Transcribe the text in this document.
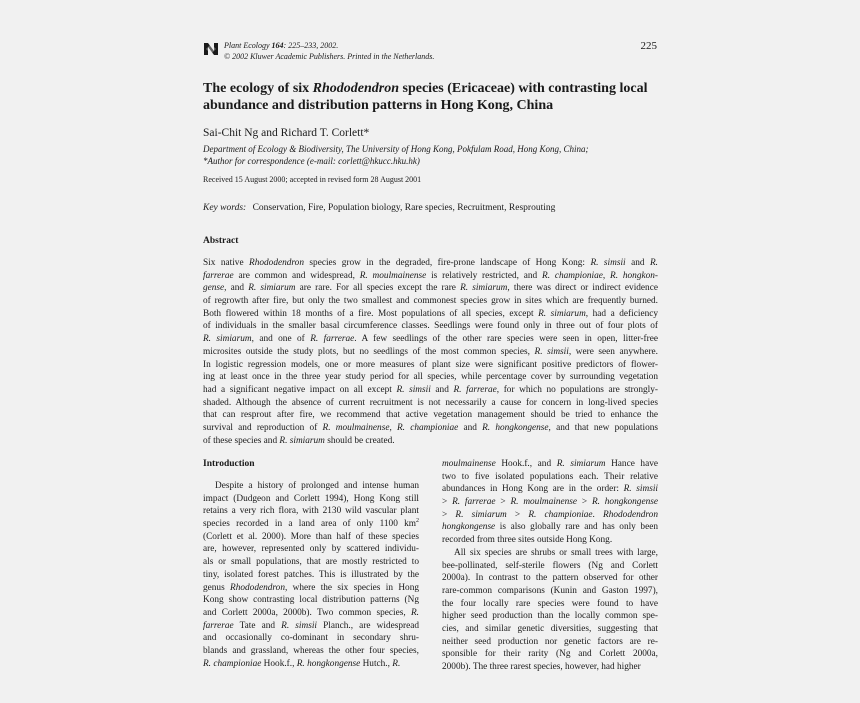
Plant Ecology 164: 225–233, 2002.
© 2002 Kluwer Academic Publishers. Printed in the Netherlands.
225
The ecology of six Rhododendron species (Ericaceae) with contrasting local abundance and distribution patterns in Hong Kong, China
Sai-Chit Ng and Richard T. Corlett*
Department of Ecology & Biodiversity, The University of Hong Kong, Pokfulam Road, Hong Kong, China;
*Author for correspondence (e-mail: corlett@hkucc.hku.hk)
Received 15 August 2000; accepted in revised form 28 August 2001
Key words: Conservation, Fire, Population biology, Rare species, Recruitment, Resprouting
Abstract
Six native Rhododendron species grow in the degraded, fire-prone landscape of Hong Kong: R. simsii and R.
farrerae are common and widespread, R. moulmainense is relatively restricted, and R. championiae, R. hongkon-
gense, and R. simiarum are rare. For all species except the rare R. simiarum, there was direct or indirect evidence
of regrowth after fire, but only the two smallest and commonest species grow in sites which are frequently burned.
Both flowered within 18 months of a fire. Most populations of all species, except R. simiarum, had a deficiency
of individuals in the smaller basal circumference classes. Seedlings were found only in three out of four plots of
R. simiarum, and one of R. farrerae. A few seedlings of the other rare species were seen in open, litter-free
microsites outside the study plots, but no seedlings of the most common species, R. simsii, were seen anywhere.
In logistic regression models, one or more measures of plant size were significant positive predictors of flower-
ing at least once in the three year study period for all species, while percentage cover by surrounding vegetation
had a significant negative impact on all except R. simsii and R. farrerae, for which no populations are strongly-
shaded. Although the absence of current recruitment is not necessarily a cause for concern in long-lived species
that can resprout after fire, we recommend that active vegetation management should be tried to enhance the
survival and reproduction of R. moulmainense, R. championiae and R. hongkongense, and that new populations
of these species and R. simiarum should be created.
Introduction
Despite a history of prolonged and intense human
impact (Dudgeon and Corlett 1994), Hong Kong still
retains a very rich flora, with 2130 wild vascular plant
species recorded in a land area of only 1100 $km^2$
(Corlett et al. 2000). More than half of these species
are, however, represented only by scattered individu-
als or small populations, that are mostly restricted to
tiny, isolated forest patches. This is illustrated by the
genus Rhododendron, where the six species in Hong
Kong show contrasting local distribution patterns (Ng
and Corlett 2000a, 2000b). Two common species, R.
farrerae Tate and R. simsii Planch., are widespread
and occasionally co-dominant in secondary shru-
blands and grassland, whereas the other four species,
R. championiae Hook.f., R. hongkongense Hutch., R.
moulmainense Hook.f., and R. simiarum Hance have
two to five isolated populations each. Their relative
abundances in Hong Kong are in the order: R. simsii
> R. farrerae > R. moulmainense > R. hongkongense
> R. simiarum > R. championiae. Rhododendron
hongkongense is also globally rare and has only been
recorded from three sites outside Hong Kong.
All six species are shrubs or small trees with large,
bee-pollinated, self-sterile flowers (Ng and Corlett
2000a). In contrast to the pattern observed for other
rare-common comparisons (Kunin and Gaston 1997),
the four locally rare species were found to have
higher seed production than the locally common spe-
cies, and similar genetic diversities, suggesting that
neither seed production nor genetic factors are re-
sponsible for their rarity (Ng and Corlett 2000a,
2000b). The three rarest species, however, had higher
